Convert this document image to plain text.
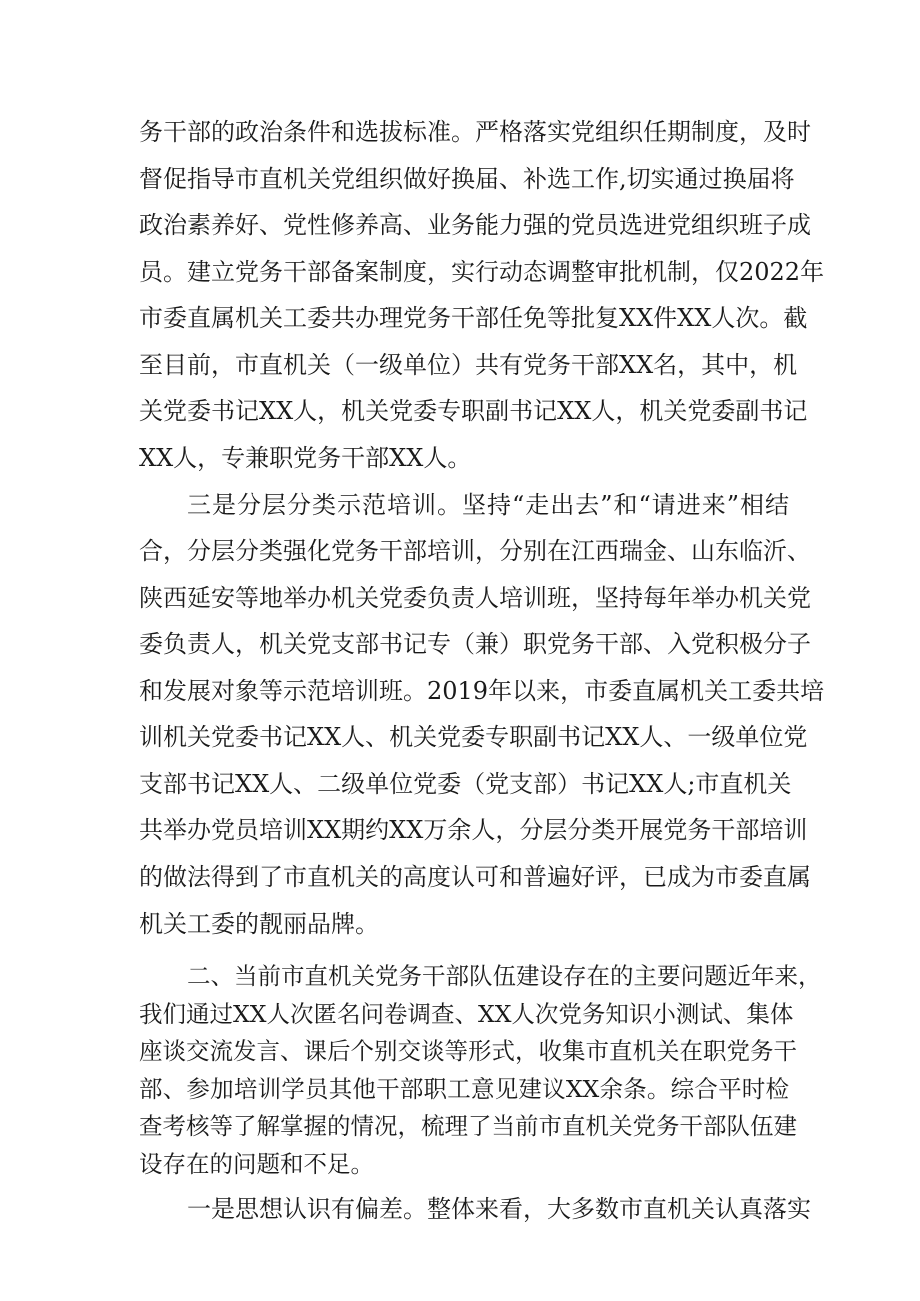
务干部的政治条件和选拔标准。严格落实党组织任期制度，及时
督促指导市直机关党组织做好换届、补选工作,切实通过换届将
政治素养好、党性修养高、业务能力强的党员选进党组织班子成
员。建立党务干部备案制度，实行动态调整审批机制，仅2022年
市委直属机关工委共办理党务干部任免等批复XX件XX人次。截
至目前，市直机关（一级单位）共有党务干部XX名，其中，机
关党委书记XX人，机关党委专职副书记XX人，机关党委副书记
XX人，专兼职党务干部XX人。
三是分层分类示范培训。坚持“走出去”和“请进来”相结
合，分层分类强化党务干部培训，分别在江西瑞金、山东临沂、
陕西延安等地举办机关党委负责人培训班，坚持每年举办机关党
委负责人，机关党支部书记专（兼）职党务干部、入党积极分子
和发展对象等示范培训班。2019年以来，市委直属机关工委共培
训机关党委书记XX人、机关党委专职副书记XX人、一级单位党
支部书记XX人、二级单位党委（党支部）书记XX人;市直机关
共举办党员培训XX期约XX万余人，分层分类开展党务干部培训
的做法得到了市直机关的高度认可和普遍好评，已成为市委直属
机关工委的靓丽品牌。
二、当前市直机关党务干部队伍建设存在的主要问题近年来，
我们通过XX人次匿名问卷调查、XX人次党务知识小测试、集体
座谈交流发言、课后个别交谈等形式，收集市直机关在职党务干
部、参加培训学员其他干部职工意见建议XX余条。综合平时检
查考核等了解掌握的情况，梳理了当前市直机关党务干部队伍建
设存在的问题和不足。
一是思想认识有偏差。整体来看，大多数市直机关认真落实
